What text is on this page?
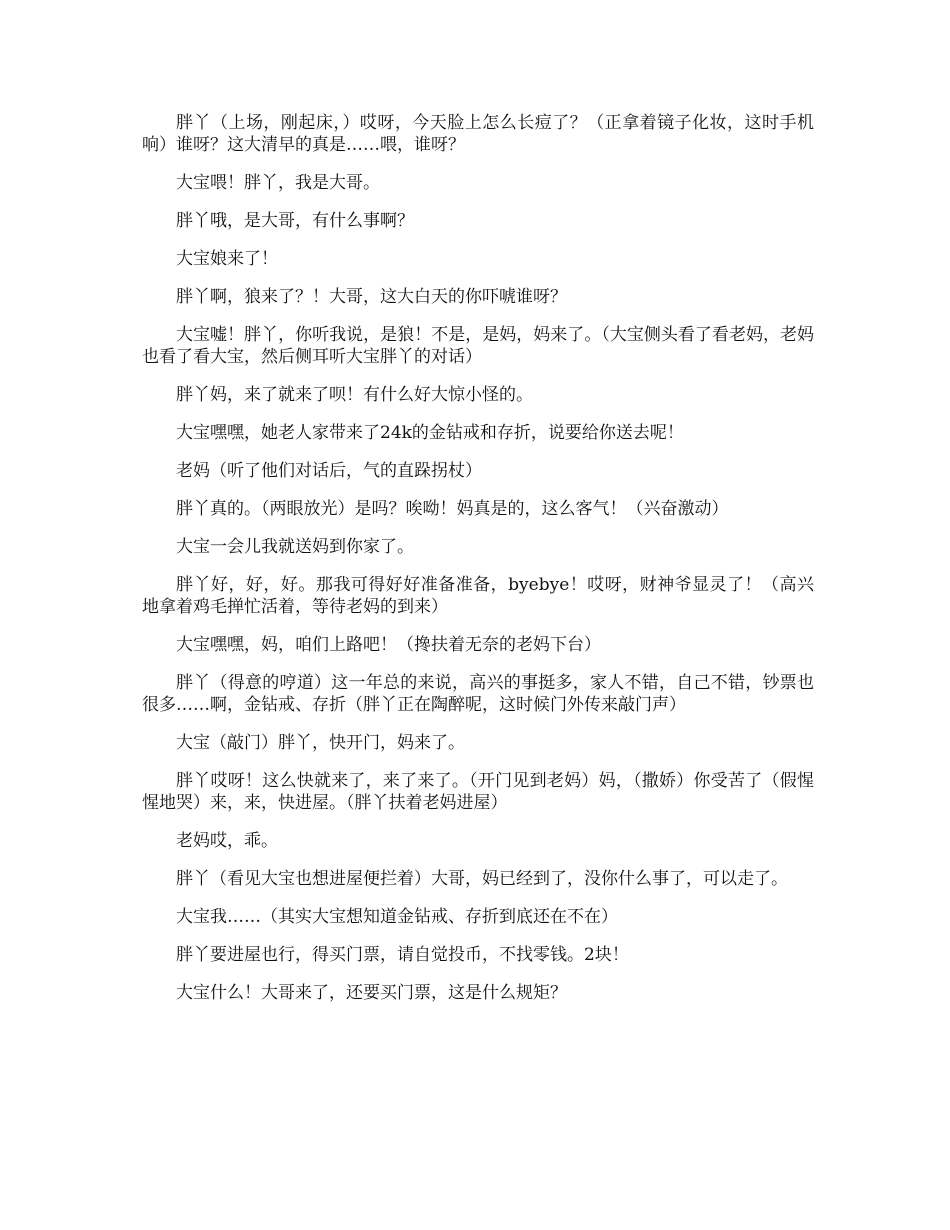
胖丫（上场，刚起床，）哎呀，今天脸上怎么长痘了？（正拿着镜子化妆，这时手机响）谁呀？这大清早的真是……喂，谁呀？

大宝喂！胖丫，我是大哥。

胖丫哦，是大哥，有什么事啊？

大宝娘来了！

胖丫啊，狼来了？！大哥，这大白天的你吓唬谁呀？

大宝嘘！胖丫，你听我说，是狼！不是，是妈，妈来了。（大宝侧头看了看老妈，老妈也看了看大宝，然后侧耳听大宝胖丫的对话）

胖丫妈，来了就来了呗！有什么好大惊小怪的。

大宝嘿嘿，她老人家带来了24k的金钻戒和存折，说要给你送去呢！

老妈（听了他们对话后，气的直跺拐杖）

胖丫真的。（两眼放光）是吗？唉呦！妈真是的，这么客气！（兴奋激动）

大宝一会儿我就送妈到你家了。

胖丫好，好，好。那我可得好好准备准备，byebye！哎呀，财神爷显灵了！（高兴地拿着鸡毛掸忙活着，等待老妈的到来）

大宝嘿嘿，妈，咱们上路吧！（搀扶着无奈的老妈下台）

胖丫（得意的哼道）这一年总的来说，高兴的事挺多，家人不错，自己不错，钞票也很多……啊，金钻戒、存折（胖丫正在陶醉呢，这时候门外传来敲门声）

大宝（敲门）胖丫，快开门，妈来了。

胖丫哎呀！这么快就来了，来了来了。（开门见到老妈）妈，（撒娇）你受苦了（假惺惺地哭）来，来，快进屋。（胖丫扶着老妈进屋）

老妈哎，乖。

胖丫（看见大宝也想进屋便拦着）大哥，妈已经到了，没你什么事了，可以走了。

大宝我……（其实大宝想知道金钻戒、存折到底还在不在）

胖丫要进屋也行，得买门票，请自觉投币，不找零钱。2块！

大宝什么！大哥来了，还要买门票，这是什么规矩？
